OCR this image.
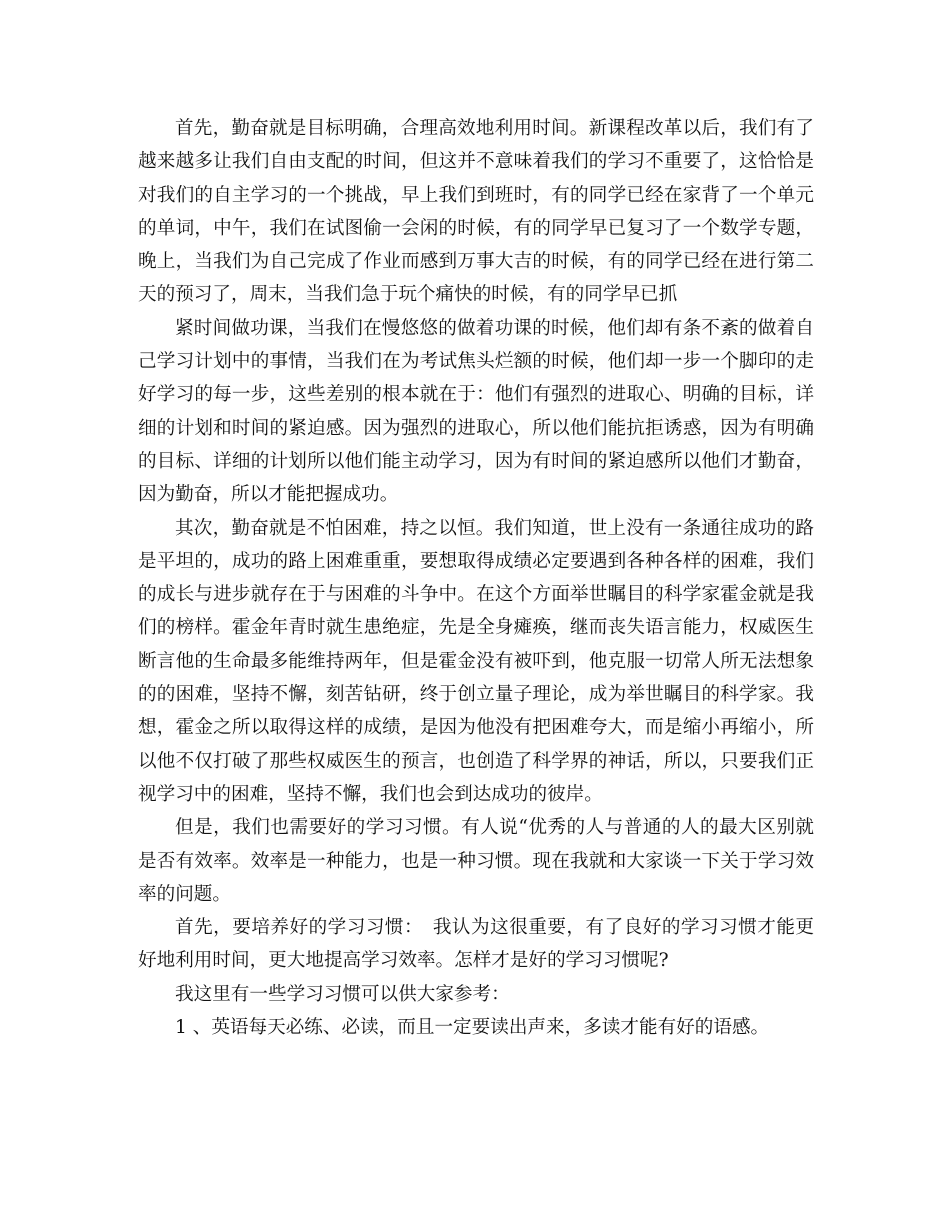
首先，勤奋就是目标明确，合理高效地利用时间。新课程改革以后，我们有了越来越多让我们自由支配的时间，但这并不意味着我们的学习不重要了，这恰恰是对我们的自主学习的一个挑战，早上我们到班时，有的同学已经在家背了一个单元的单词，中午，我们在试图偷一会闲的时候，有的同学早已复习了一个数学专题，晚上，当我们为自己完成了作业而感到万事大吉的时候，有的同学已经在进行第二天的预习了，周末，当我们急于玩个痛快的时候，有的同学早已抓

紧时间做功课，当我们在慢悠悠的做着功课的时候，他们却有条不紊的做着自己学习计划中的事情，当我们在为考试焦头烂额的时候，他们却一步一个脚印的走好学习的每一步，这些差别的根本就在于：他们有强烈的进取心、明确的目标，详细的计划和时间的紧迫感。因为强烈的进取心，所以他们能抗拒诱惑，因为有明确的目标、详细的计划所以他们能主动学习，因为有时间的紧迫感所以他们才勤奋，因为勤奋，所以才能把握成功。

其次，勤奋就是不怕困难，持之以恒。我们知道，世上没有一条通往成功的路是平坦的，成功的路上困难重重，要想取得成绩必定要遇到各种各样的困难，我们的成长与进步就存在于与困难的斗争中。在这个方面举世瞩目的科学家霍金就是我们的榜样。霍金年青时就生患绝症，先是全身瘫痪，继而丧失语言能力，权威医生断言他的生命最多能维持两年，但是霍金没有被吓到，他克服一切常人所无法想象的的困难，坚持不懈，刻苦钻研，终于创立量子理论，成为举世瞩目的科学家。我想，霍金之所以取得这样的成绩，是因为他没有把困难夸大，而是缩小再缩小，所以他不仅打破了那些权威医生的预言，也创造了科学界的神话，所以，只要我们正视学习中的困难，坚持不懈，我们也会到达成功的彼岸。

但是，我们也需要好的学习习惯。有人说“优秀的人与普通的人的最大区别就是否有效率。效率是一种能力，也是一种习惯。现在我就和大家谈一下关于学习效率的问题。

首先，要培养好的学习习惯：　我认为这很重要，有了良好的学习习惯才能更好地利用时间，更大地提高学习效率。怎样才是好的学习习惯呢?

我这里有一些学习习惯可以供大家参考：

1 、英语每天必练、必读，而且一定要读出声来，多读才能有好的语感。
